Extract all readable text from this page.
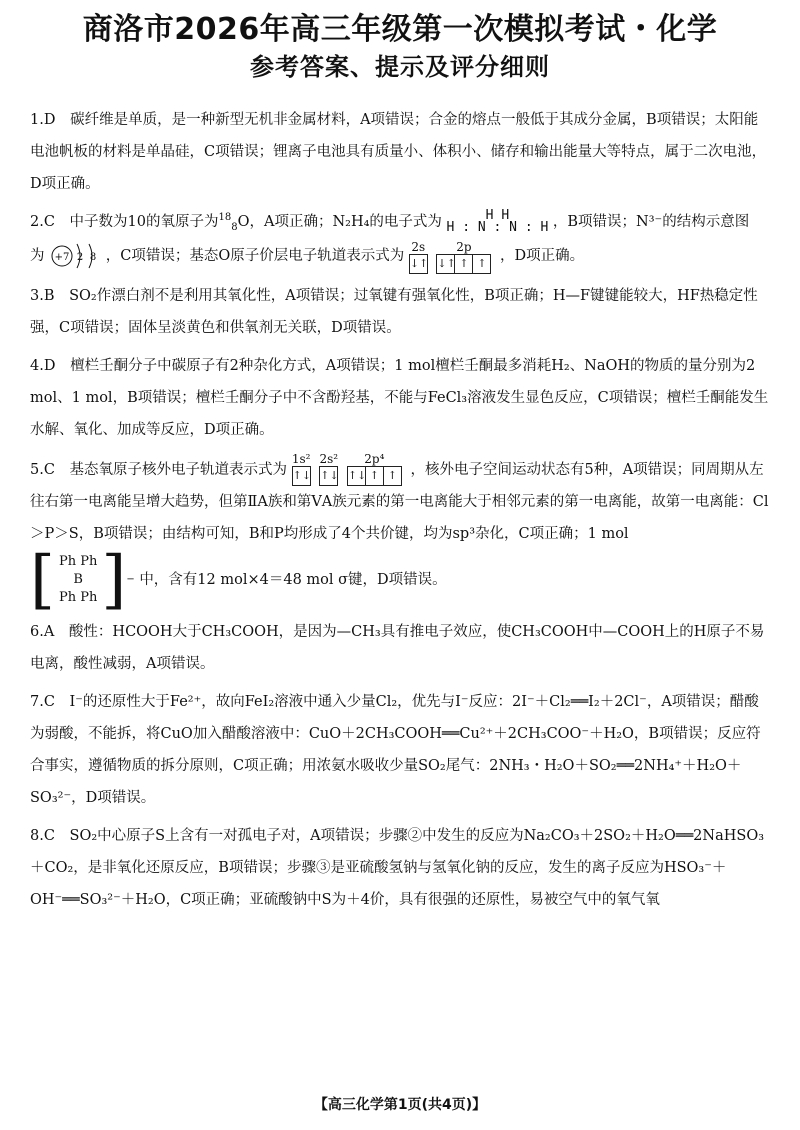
商洛市2026年高三年级第一次模拟考试・化学
参考答案、提示及评分细则

1.D 碳纤维是单质，是一种新型无机非金属材料，A项错误；合金的熔点一般低于其成分金属，B项错误；太阳能电池帆板的材料是单晶硅，C项错误；锂离子电池具有质量小、体积小、储存和输出能量大等特点，属于二次电池，D项正确。

2.C 中子数为10的氧原子为$^{18}_8$O，A项正确；N₂H₄的电子式为	H H
H : N : N : H ，B项错误；N³⁻的结构示意图
为 +7 2 8 ，C项错误；基态O原子价层电子轨道表示式为
2s
↓↑

2p
↓↑ ↑ ↑ ，D项正确。

3.B SO₂作漂白剂不是利用其氧化性，A项错误；过氧键有强氧化性，B项正确；H—F键键能较大，HF热稳定性强，C项错误；固体呈淡黄色和供氧剂无关联，D项错误。

4.D 檀栏壬酮分子中碳原子有2种杂化方式，A项错误；1 mol檀栏壬酮最多消耗H₂、NaOH的物质的量分别为2 mol、1 mol，B项错误；檀栏壬酮分子中不含酚羟基，不能与FeCl₃溶液发生显色反应，C项错误；檀栏壬酮能发生水解、氧化、加成等反应，D项正确。

5.C 基态氧原子核外电子轨道表示式为
1s²
↑↓

2s²
↑↓

2p⁴
↑↓ ↑ ↑ ，核外电子空间运动状态有5种，A项错误；同周期从左往右第一电离能呈增大趋势，但第ⅡA族和第ⅤA族元素的第一电离能大于相邻元素的第一电离能，故第一电离能：Cl＞P＞S，B项错误；由结构可知，B和P均形成了4个共价键，均为sp³杂化，C项正确；1 mol

[ Ph Ph
B
Ph Ph ] − 中，含有12 mol×4＝48 mol σ键，D项错误。

6.A 酸性：HCOOH大于CH₃COOH，是因为—CH₃具有推电子效应，使CH₃COOH中—COOH上的H原子不易电离，酸性减弱，A项错误。

7.C I⁻的还原性大于Fe²⁺，故向FeI₂溶液中通入少量Cl₂，优先与I⁻反应：2I⁻＋Cl₂══I₂＋2Cl⁻，A项错误；醋酸为弱酸，不能拆，将CuO加入醋酸溶液中：CuO＋2CH₃COOH══Cu²⁺＋2CH₃COO⁻＋H₂O，B项错误；反应符合事实，遵循物质的拆分原则，C项正确；用浓氨水吸收少量SO₂尾气：2NH₃・H₂O＋SO₂══2NH₄⁺＋H₂O＋SO₃²⁻，D项错误。

8.C SO₂中心原子S上含有一对孤电子对，A项错误；步骤②中发生的反应为Na₂CO₃＋2SO₂＋H₂O══2NaHSO₃＋CO₂，是非氧化还原反应，B项错误；步骤③是亚硫酸氢钠与氢氧化钠的反应，发生的离子反应为HSO₃⁻＋OH⁻══SO₃²⁻＋H₂O，C项正确；亚硫酸钠中S为＋4价，具有很强的还原性，易被空气中的氧气氧

【高三化学第1页(共4页)】
